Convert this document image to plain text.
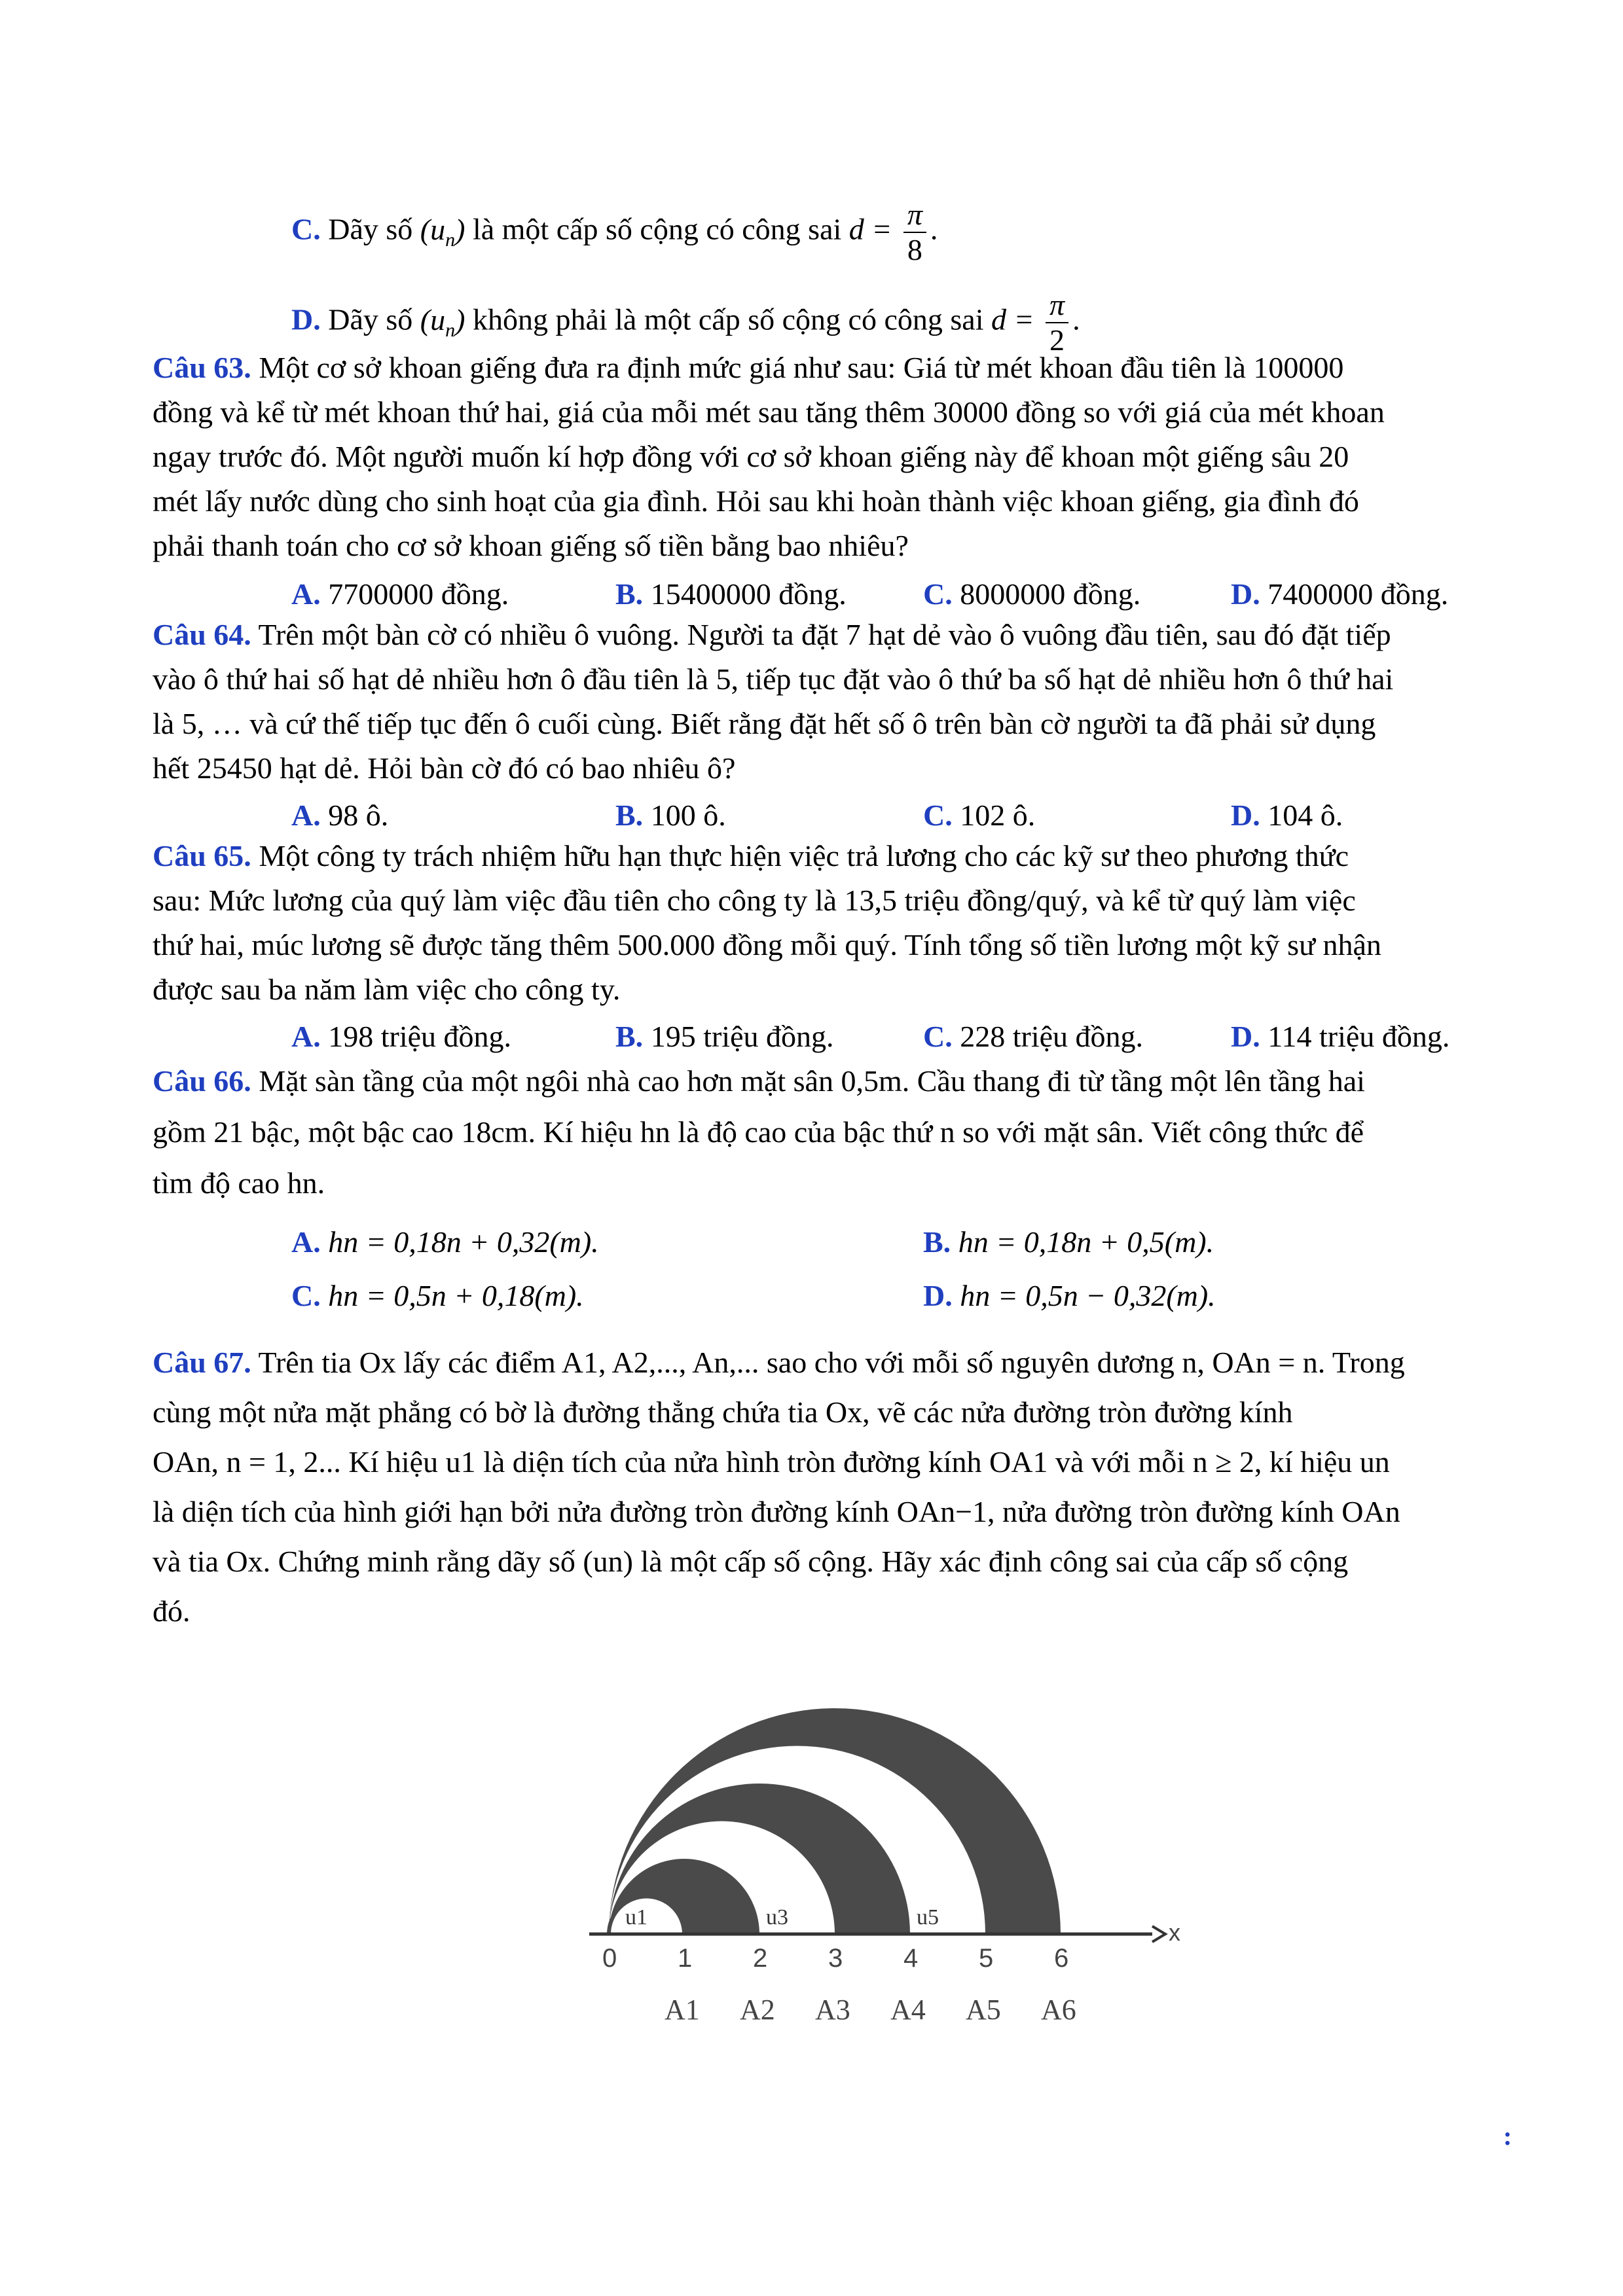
C. Dãy số $(u_n)$ là một cấp số cộng có công sai $d = \frac{\pi}{8}$ .
D. Dãy số $(u_n)$ không phải là một cấp số cộng có công sai $d = \frac{\pi}{2}$ .
Câu 63. Một cơ sở khoan giếng đưa ra định mức giá như sau: Giá từ mét khoan đầu tiên là 100000
đồng và kể từ mét khoan thứ hai, giá của mỗi mét sau tăng thêm 30000 đồng so với giá của mét khoan
ngay trước đó. Một người muốn kí hợp đồng với cơ sở khoan giếng này để khoan một giếng sâu 20
mét lấy nước dùng cho sinh hoạt của gia đình. Hỏi sau khi hoàn thành việc khoan giếng, gia đình đó
phải thanh toán cho cơ sở khoan giếng số tiền bằng bao nhiêu?
A. 7700000 đồng.	B. 15400000 đồng.	C. 8000000 đồng.	D. 7400000 đồng.
Câu 64. Trên một bàn cờ có nhiều ô vuông. Người ta đặt 7 hạt dẻ vào ô vuông đầu tiên, sau đó đặt tiếp
vào ô thứ hai số hạt dẻ nhiều hơn ô đầu tiên là 5, tiếp tục đặt vào ô thứ ba số hạt dẻ nhiều hơn ô thứ hai
là 5, … và cứ thế tiếp tục đến ô cuối cùng. Biết rằng đặt hết số ô trên bàn cờ người ta đã phải sử dụng
hết 25450 hạt dẻ. Hỏi bàn cờ đó có bao nhiêu ô?
A. 98 ô.	B. 100 ô.	C. 102 ô.	D. 104 ô.
Câu 65. Một công ty trách nhiệm hữu hạn thực hiện việc trả lương cho các kỹ sư theo phương thức
sau: Mức lương của quý làm việc đầu tiên cho công ty là 13,5 triệu đồng/quý, và kể từ quý làm việc
thứ hai, múc lương sẽ được tăng thêm 500.000 đồng mỗi quý. Tính tổng số tiền lương một kỹ sư nhận
được sau ba năm làm việc cho công ty.
A. 198 triệu đồng.	B. 195 triệu đồng.	C. 228 triệu đồng.	D. 114 triệu đồng.
Câu 66. Mặt sàn tầng của một ngôi nhà cao hơn mặt sân 0,5m. Cầu thang đi từ tầng một lên tầng hai
gồm 21 bậc, một bậc cao 18cm. Kí hiệu hn là độ cao của bậc thứ n so với mặt sân. Viết công thức để
tìm độ cao hn.
A. hn = 0,18n + 0,32(m).	B. hn = 0,18n + 0,5(m).
C. hn = 0,5n + 0,18(m).	D. hn = 0,5n − 0,32(m).
Câu 67. Trên tia Ox lấy các điểm A1, A2,..., An,... sao cho với mỗi số nguyên dương n, OAn = n. Trong
cùng một nửa mặt phẳng có bờ là đường thẳng chứa tia Ox, vẽ các nửa đường tròn đường kính
OAn, n = 1, 2... Kí hiệu u1 là diện tích của nửa hình tròn đường kính OA1 và với mỗi n ≥ 2, kí hiệu un
là diện tích của hình giới hạn bởi nửa đường tròn đường kính OAn−1, nửa đường tròn đường kính OAn
và tia Ox. Chứng minh rằng dãy số (un) là một cấp số cộng. Hãy xác định công sai của cấp số cộng
đó.
x
u1	u3	u5
0 1 2 3 4 5 6
A1 A2 A3 A4 A5 A6
:
